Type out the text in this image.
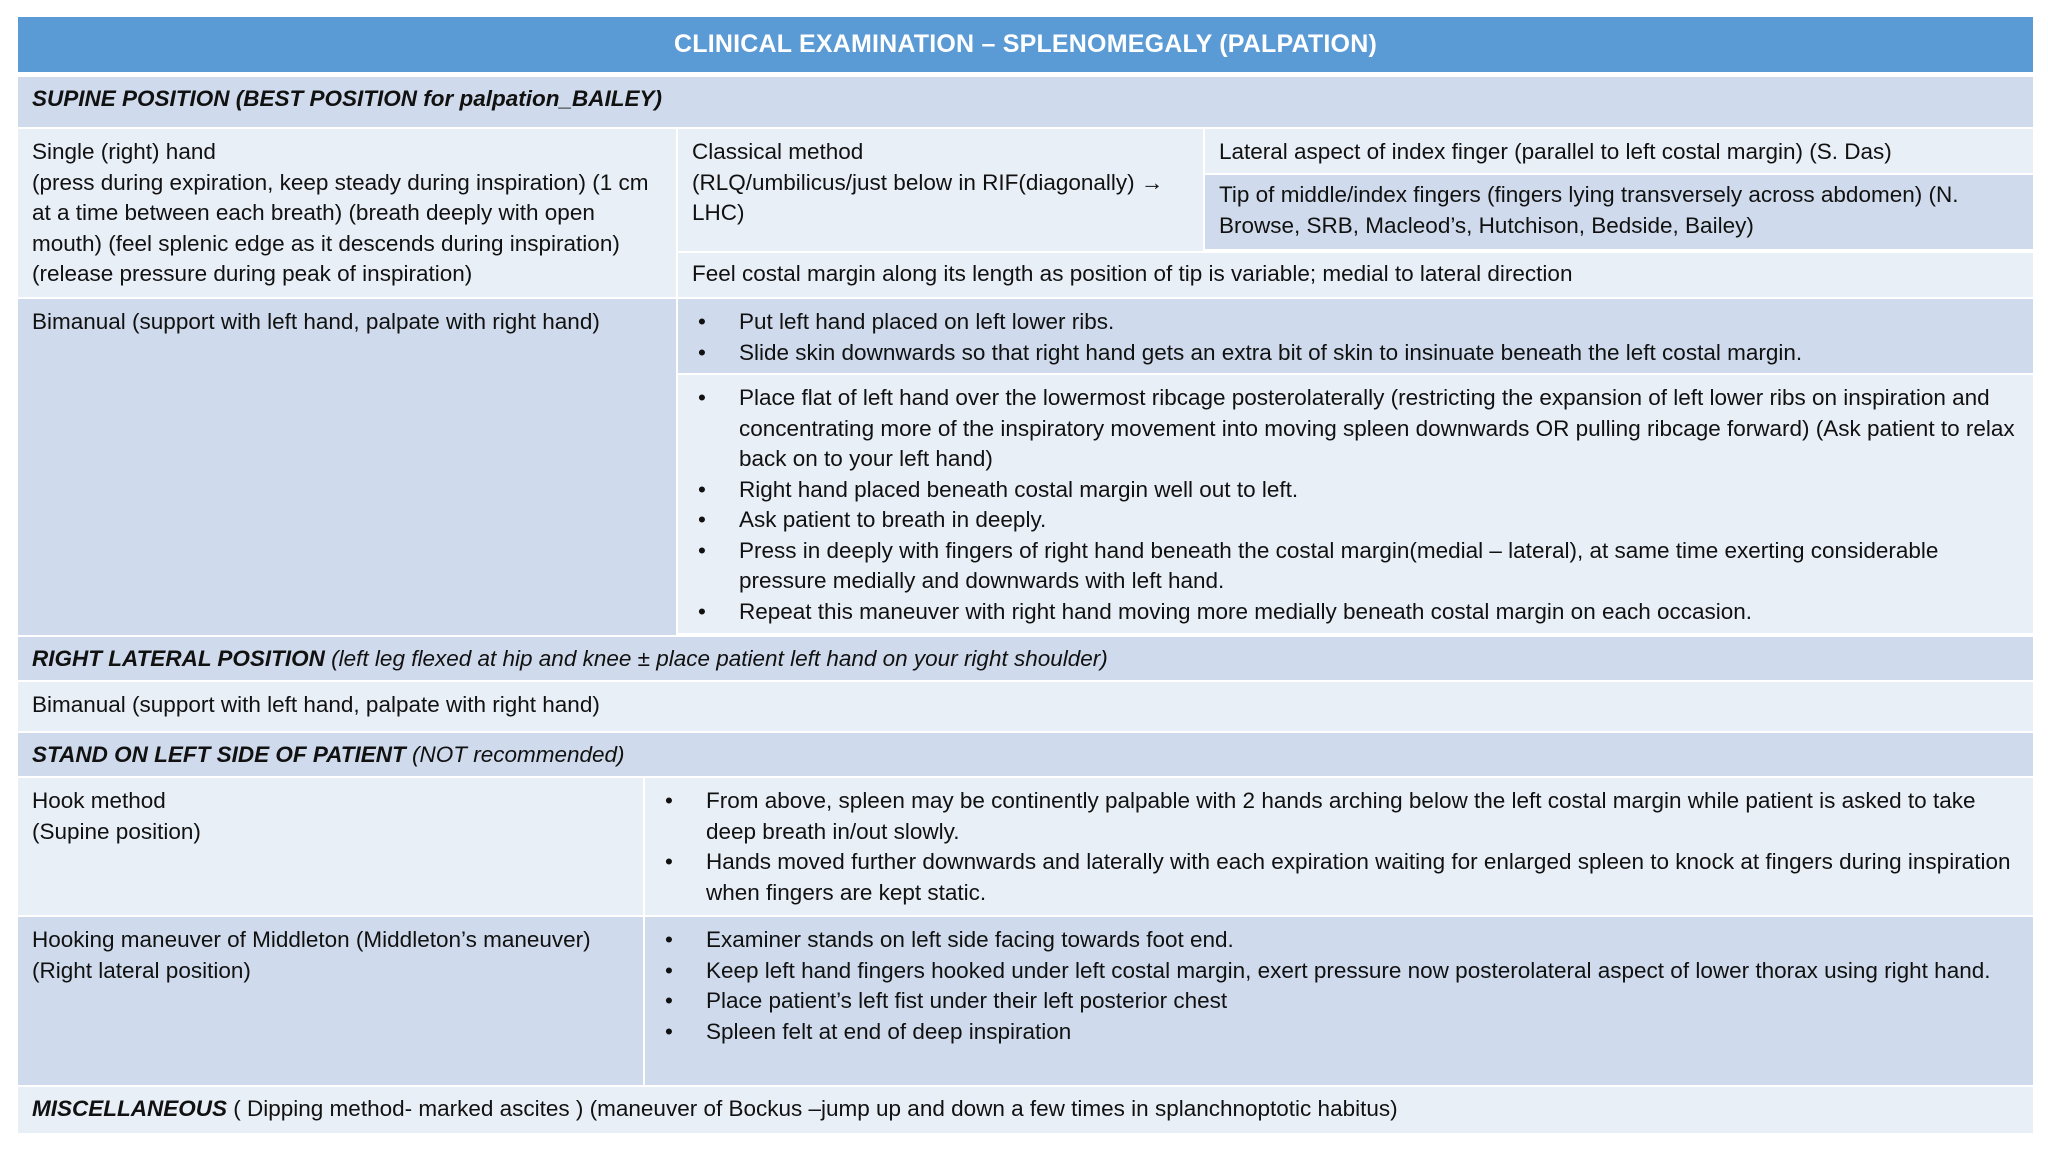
CLINICAL EXAMINATION – SPLENOMEGALY (PALPATION)
SUPINE POSITION (BEST POSITION for palpation_BAILEY)
Single (right) hand
(press during expiration, keep steady during inspiration) (1 cm at a time between each breath) (breath deeply with open mouth) (feel splenic edge as it descends during inspiration)(release pressure during peak of inspiration)
Classical method
(RLQ/umbilicus/just below in RIF(diagonally) → LHC)
Lateral aspect of index finger (parallel to left costal margin) (S. Das)
Tip of middle/index fingers (fingers lying transversely across abdomen) (N. Browse, SRB, Macleod’s, Hutchison, Bedside, Bailey)
Feel costal margin along its length as position of tip is variable; medial to lateral direction
Bimanual (support with left hand, palpate with right hand)	• Put left hand placed on left lower ribs.
• Slide skin downwards so that right hand gets an extra bit of skin to insinuate beneath the left costal margin.
• Place flat of left hand over the lowermost ribcage posterolaterally (restricting the expansion of left lower ribs on inspiration and concentrating more of the inspiratory movement into moving spleen downwards OR pulling ribcage forward) (Ask patient to relax back on to your left hand)
• Right hand placed beneath costal margin well out to left.
• Ask patient to breath in deeply.
• Press in deeply with fingers of right hand beneath the costal margin(medial – lateral), at same time exerting considerable pressure medially and downwards with left hand.
• Repeat this maneuver with right hand moving more medially beneath costal margin on each occasion.
RIGHT LATERAL POSITION (left leg flexed at hip and knee ± place patient left hand on your right shoulder)
Bimanual (support with left hand, palpate with right hand)
STAND ON LEFT SIDE OF PATIENT (NOT recommended)
Hook method
(Supine position)
• From above, spleen may be continently palpable with 2 hands arching below the left costal margin while patient is asked to take deep breath in/out slowly.
• Hands moved further downwards and laterally with each expiration waiting for enlarged spleen to knock at fingers during inspiration when fingers are kept static.
Hooking maneuver of Middleton (Middleton’s maneuver)
(Right lateral position)
• Examiner stands on left side facing towards foot end.
• Keep left hand fingers hooked under left costal margin, exert pressure now posterolateral aspect of lower thorax using right hand.
• Place patient’s left fist under their left posterior chest
• Spleen felt at end of deep inspiration
MISCELLANEOUS ( Dipping method- marked ascites ) (maneuver of Bockus –jump up and down a few times in splanchnoptotic habitus)
